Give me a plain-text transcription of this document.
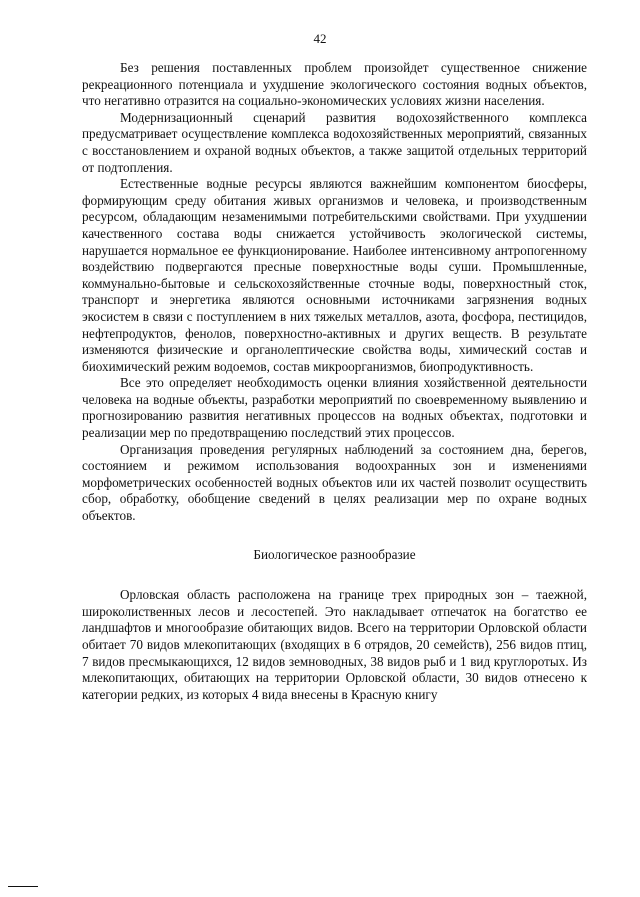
42

Без решения поставленных проблем произойдет существенное снижение рекреационного потенциала и ухудшение экологического состояния водных объектов, что негативно отразится на социально-экономических условиях жизни населения.

Модернизационный сценарий развития водохозяйственного комплекса предусматривает осуществление комплекса водохозяйственных мероприятий, связанных с восстановлением и охраной водных объектов, а также защитой отдельных территорий от подтопления.

Естественные водные ресурсы являются важнейшим компонентом биосферы, формирующим среду обитания живых организмов и человека, и производственным ресурсом, обладающим незаменимыми потребительскими свойствами. При ухудшении качественного состава воды снижается устойчивость экологической системы, нарушается нормальное ее функционирование. Наиболее интенсивному антропогенному воздействию подвергаются пресные поверхностные воды суши. Промышленные, коммунально-бытовые и сельскохозяйственные сточные воды, поверхностный сток, транспорт и энергетика являются основными источниками загрязнения водных экосистем в связи с поступлением в них тяжелых металлов, азота, фосфора, пестицидов, нефтепродуктов, фенолов, поверхностно-активных и других веществ. В результате изменяются физические и органолептические свойства воды, химический состав и биохимический режим водоемов, состав микроорганизмов, биопродуктивность.

Все это определяет необходимость оценки влияния хозяйственной деятельности человека на водные объекты, разработки мероприятий по своевременному выявлению и прогнозированию развития негативных процессов на водных объектах, подготовки и реализации мер по предотвращению последствий этих процессов.

Организация проведения регулярных наблюдений за состоянием дна, берегов, состоянием и режимом использования водоохранных зон и изменениями морфометрических особенностей водных объектов или их частей позволит осуществить сбор, обработку, обобщение сведений в целях реализации мер по охране водных объектов.

Биологическое разнообразие

Орловская область расположена на границе трех природных зон – таежной, широколиственных лесов и лесостепей. Это накладывает отпечаток на богатство ее ландшафтов и многообразие обитающих видов. Всего на территории Орловской области обитает 70 видов млекопитающих (входящих в 6 отрядов, 20 семейств), 256 видов птиц, 7 видов пресмыкающихся, 12 видов земноводных, 38 видов рыб и 1 вид круглоротых. Из млекопитающих, обитающих на территории Орловской области, 30 видов отнесено к категории редких, из которых 4 вида внесены в Красную книгу
